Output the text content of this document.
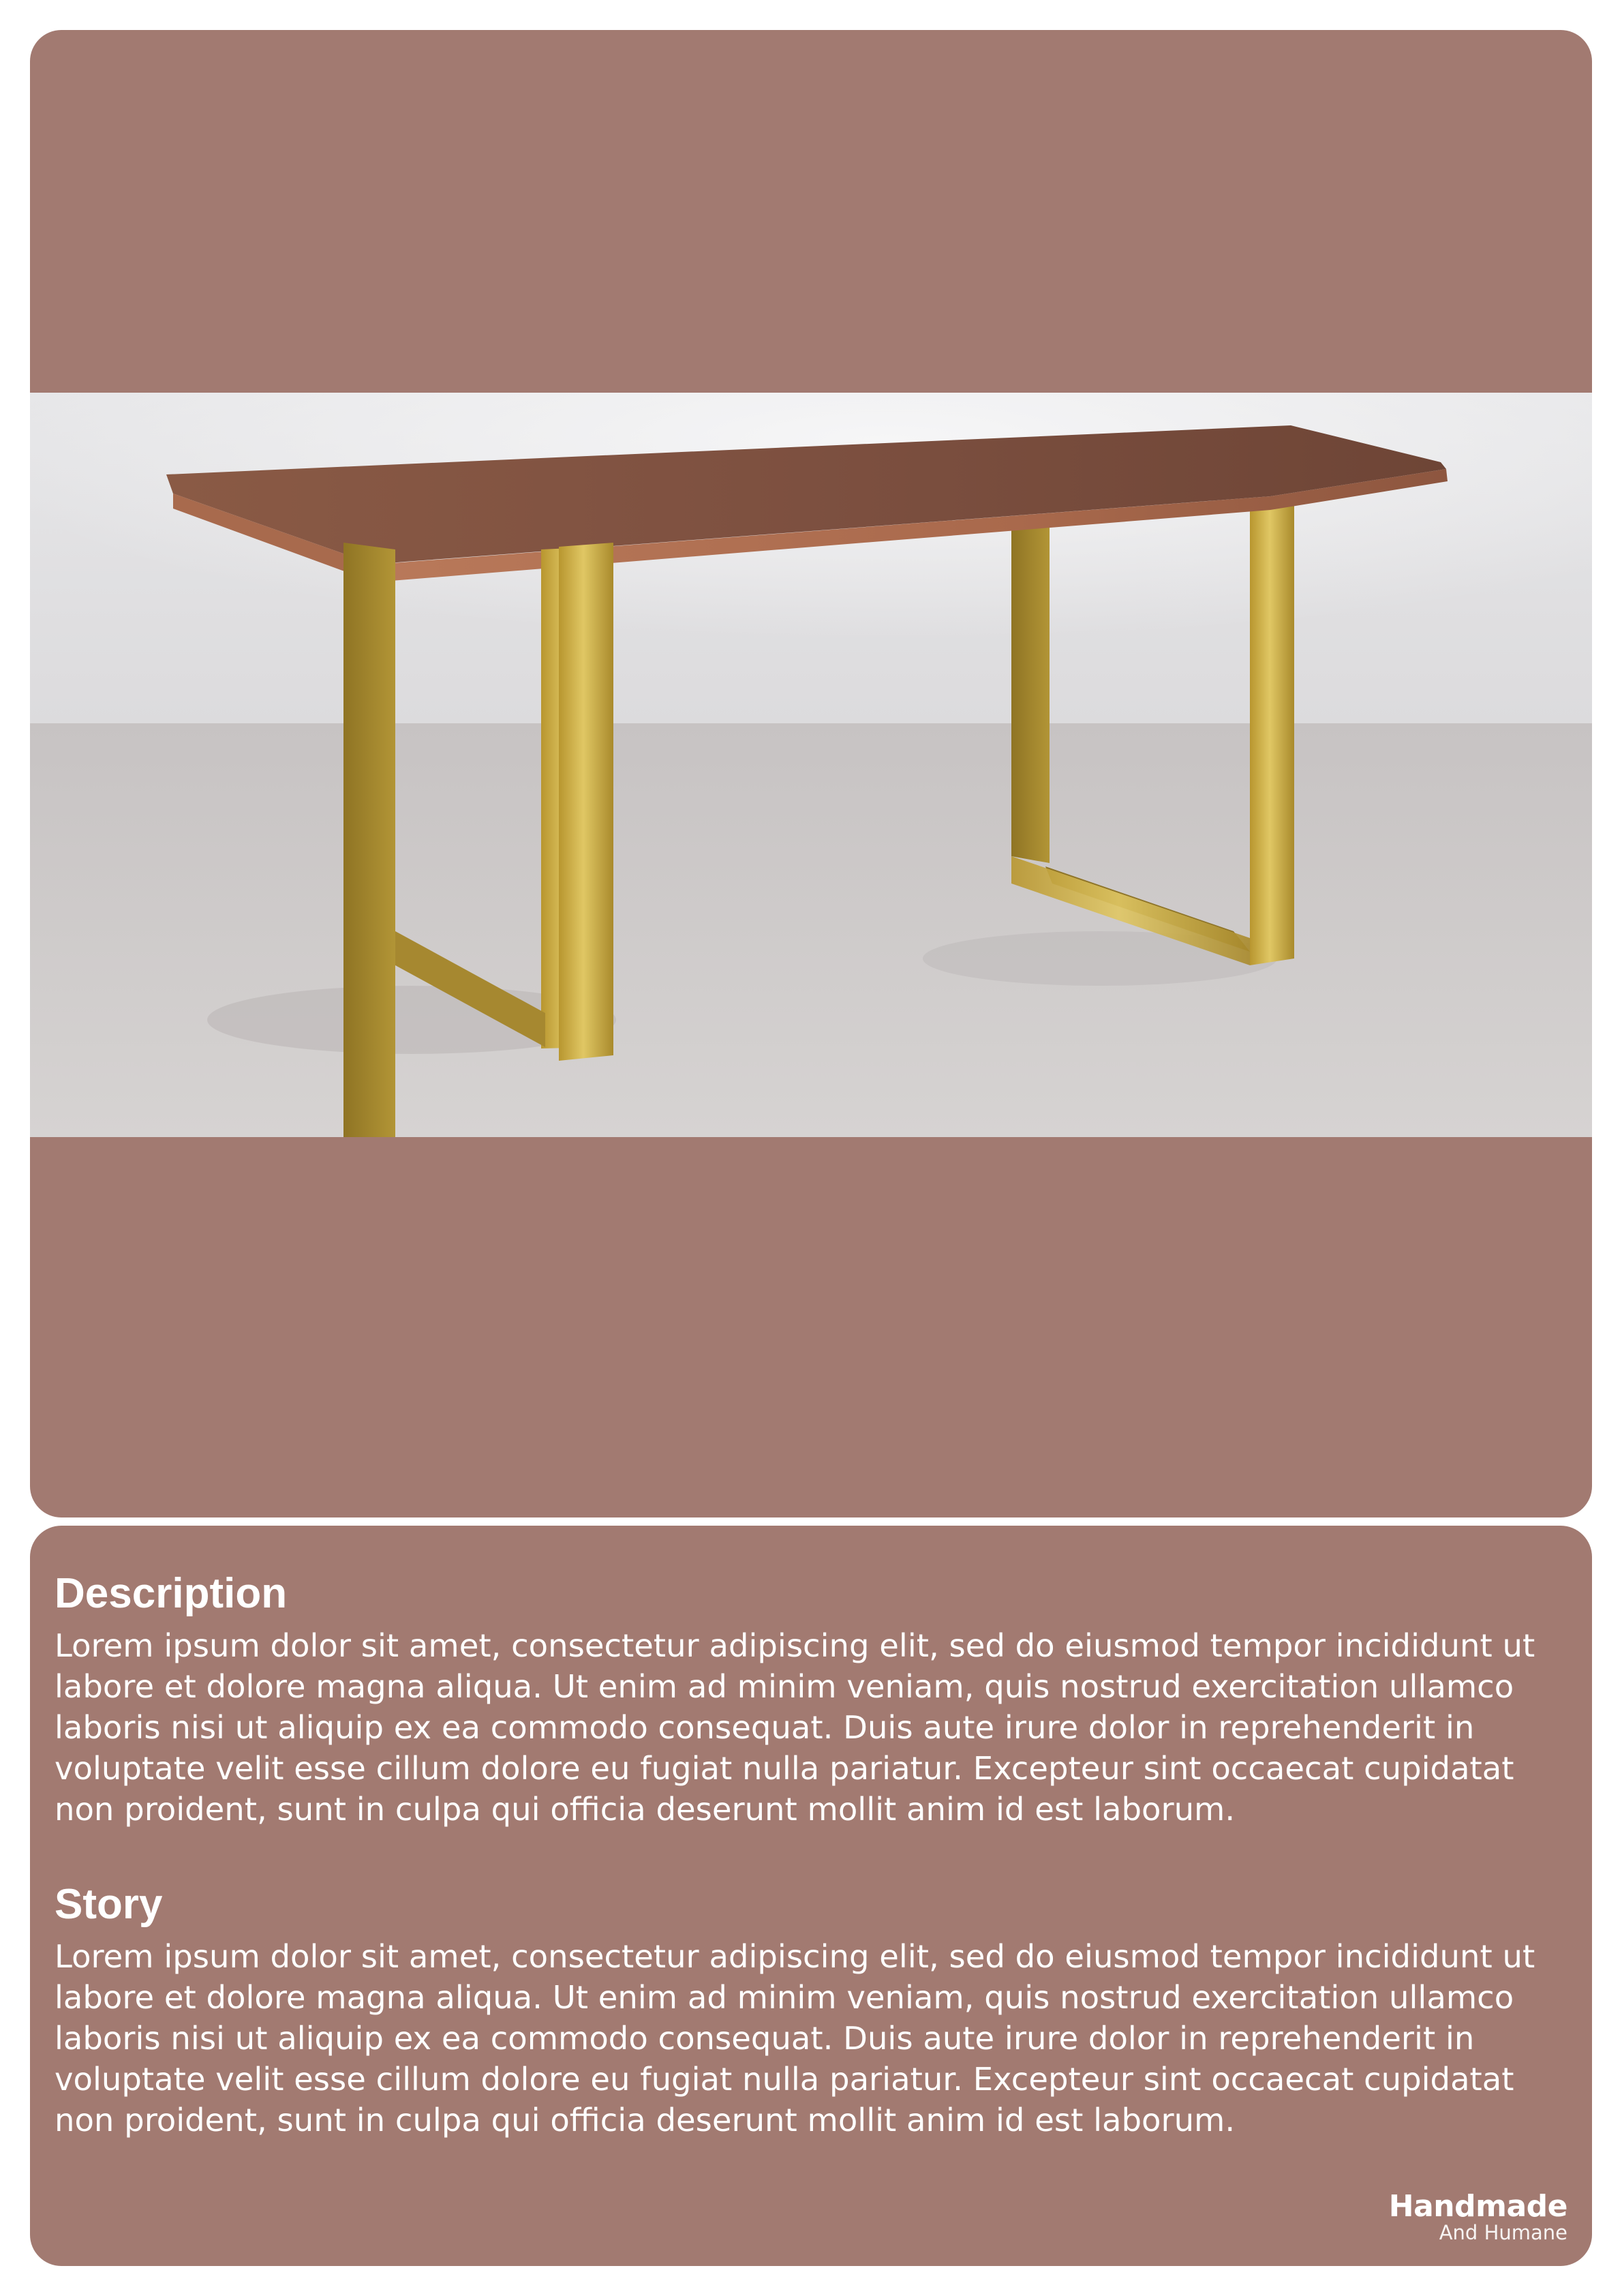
Description

Lorem ipsum dolor sit amet, consectetur adipiscing elit, sed do eiusmod tempor incididunt ut labore et dolore magna aliqua. Ut enim ad minim veniam, quis nostrud exercitation ullamco laboris nisi ut aliquip ex ea commodo consequat. Duis aute irure dolor in reprehenderit in voluptate velit esse cillum dolore eu fugiat nulla pariatur. Excepteur sint occaecat cupidatat non proident, sunt in culpa qui officia deserunt mollit anim id est laborum.

Story

Lorem ipsum dolor sit amet, consectetur adipiscing elit, sed do eiusmod tempor incididunt ut labore et dolore magna aliqua. Ut enim ad minim veniam, quis nostrud exercitation ullamco laboris nisi ut aliquip ex ea commodo consequat. Duis aute irure dolor in reprehenderit in voluptate velit esse cillum dolore eu fugiat nulla pariatur. Excepteur sint occaecat cupidatat non proident, sunt in culpa qui officia deserunt mollit anim id est laborum.

Handmade
And Humane
